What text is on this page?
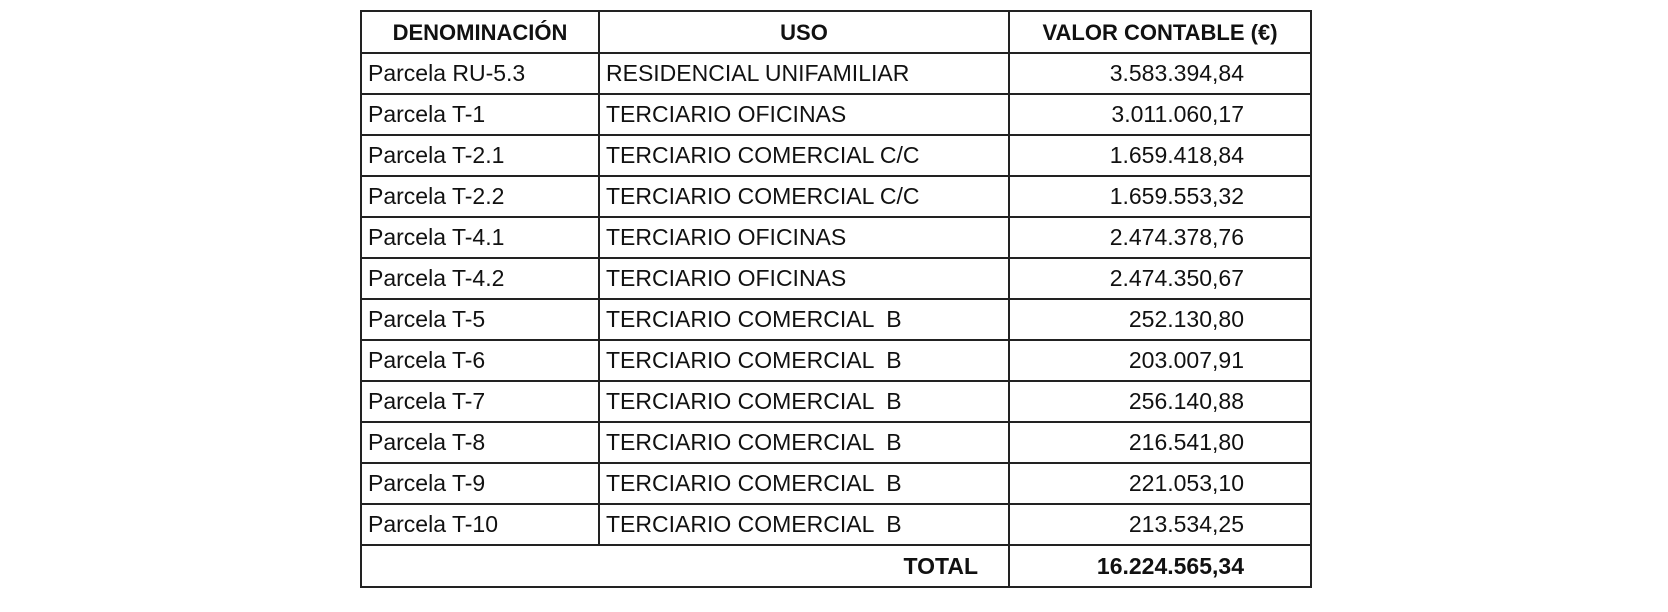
DENOMINACIÓN	USO	VALOR CONTABLE (€)
Parcela RU-5.3	RESIDENCIAL UNIFAMILIAR	3.583.394,84
Parcela T-1	TERCIARIO OFICINAS	3.011.060,17
Parcela T-2.1	TERCIARIO COMERCIAL C/C	1.659.418,84
Parcela T-2.2	TERCIARIO COMERCIAL C/C	1.659.553,32
Parcela T-4.1	TERCIARIO OFICINAS	2.474.378,76
Parcela T-4.2	TERCIARIO OFICINAS	2.474.350,67
Parcela T-5	TERCIARIO COMERCIAL  B	252.130,80
Parcela T-6	TERCIARIO COMERCIAL  B	203.007,91
Parcela T-7	TERCIARIO COMERCIAL  B	256.140,88
Parcela T-8	TERCIARIO COMERCIAL  B	216.541,80
Parcela T-9	TERCIARIO COMERCIAL  B	221.053,10
Parcela T-10	TERCIARIO COMERCIAL  B	213.534,25
TOTAL		16.224.565,34
